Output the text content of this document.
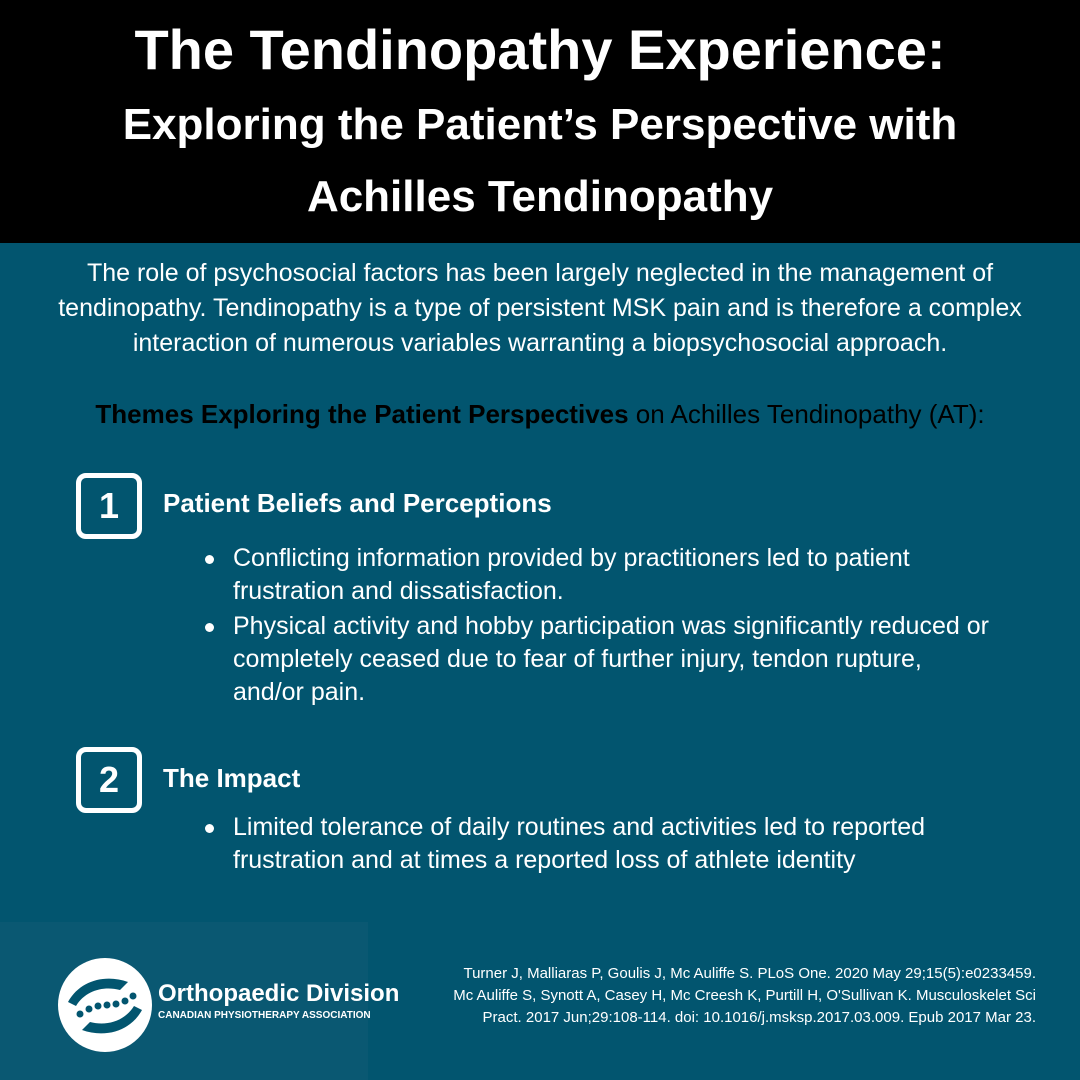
The Tendinopathy Experience:
Exploring the Patient’s Perspective with
Achilles Tendinopathy
The role of psychosocial factors has been largely neglected in the management of tendinopathy. Tendinopathy is a type of persistent MSK pain and is therefore a complex interaction of numerous variables warranting a biopsychosocial approach.
Themes Exploring the Patient Perspectives on Achilles Tendinopathy (AT):
1	Patient Beliefs and Perceptions
Conflicting information provided by practitioners led to patient frustration and dissatisfaction.
Physical activity and hobby participation was significantly reduced or completely ceased due to fear of further injury, tendon rupture, and/or pain.
2	The Impact
Limited tolerance of daily routines and activities led to reported frustration and at times a reported loss of athlete identity
Orthopaedic Division
CANADIAN PHYSIOTHERAPY ASSOCIATION
Turner J, Malliaras P, Goulis J, Mc Auliffe S. PLoS One. 2020 May 29;15(5):e0233459.
Mc Auliffe S, Synott A, Casey H, Mc Creesh K, Purtill H, O'Sullivan K. Musculoskelet Sci Pract. 2017 Jun;29:108-114. doi: 10.1016/j.msksp.2017.03.009. Epub 2017 Mar 23.
